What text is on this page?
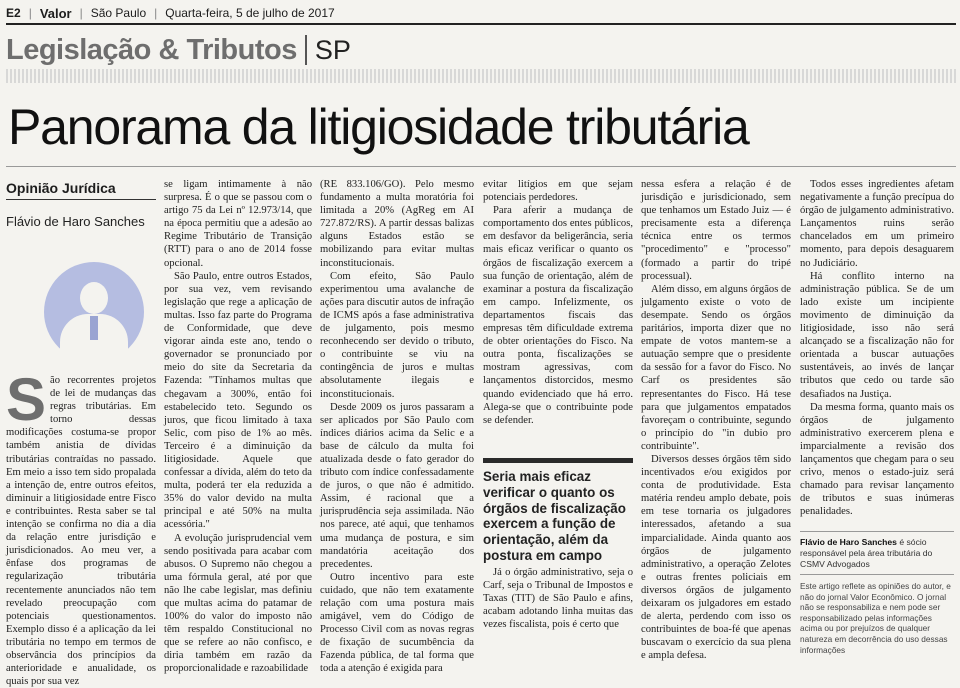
E2 | Valor | São Paulo | Quarta-feira, 5 de julho de 2017
Legislação & Tributos SP
Panorama da litigiosidade tributária
Opinião Jurídica
Flávio de Haro Sanches
S ão recorrentes projetos de lei de mudanças das regras tributárias. Em torno dessas modificações costuma-se propor também anistia de dívidas tributárias contraídas no passado. Em meio a isso tem sido propalada a intenção de, entre outros efeitos, diminuir a litigiosidade entre Fisco e contribuintes. Resta saber se tal intenção se confirma no dia a dia da relação entre jurisdição e jurisdicionados. Ao meu ver, a ênfase dos programas de regularização tributária recentemente anunciados não tem revelado preocupação com potenciais questionamentos. Exemplo disso é a aplicação da lei tributária no tempo em termos de observância dos princípios da anterioridade e anualidade, os quais por sua vez

se ligam intimamente à não surpresa. É o que se passou com o artigo 75 da Lei nº 12.973/14, que na época permitiu que a adesão ao Regime Tributário de Transição (RTT) para o ano de 2014 fosse opcional.

São Paulo, entre outros Estados, por sua vez, vem revisando legislação que rege a aplicação de multas. Isso faz parte do Programa de Conformidade, que deve vigorar ainda este ano, tendo o governador se pronunciado por meio do site da Secretaria da Fazenda: "Tínhamos multas que chegavam a 300%, então foi estabelecido teto. Segundo os juros, que ficou limitado à taxa Selic, com piso de 1% ao mês. Terceiro é a diminuição da litigiosidade. Aquele que confessar a dívida, além do teto da multa, poderá ter ela reduzida a 35% do valor devido na multa principal e até 50% na multa acessória."

A evolução jurisprudencial vem sendo positivada para acabar com abusos. O Supremo não chegou a uma fórmula geral, até por que não lhe cabe legislar, mas definiu que multas acima do patamar de 100% do valor do imposto não têm respaldo Constitucional no que se refere ao não confisco, e diria também em razão da proporcionalidade e razoabilidade

(RE 833.106/GO). Pelo mesmo fundamento a multa moratória foi limitada a 20% (AgReg em AI 727.872/RS). A partir dessas balizas alguns Estados estão se mobilizando para evitar multas inconstitucionais.

Com efeito, São Paulo experimentou uma avalanche de ações para discutir autos de infração de ICMS após a fase administrativa de julgamento, pois mesmo reconhecendo ser devido o tributo, o contribuinte se viu na contingência de juros e multas absolutamente ilegais e inconstitucionais.

Desde 2009 os juros passaram a ser aplicados por São Paulo com índices diários acima da Selic e a base de cálculo da multa foi atualizada desde o fato gerador do tributo com índice confessadamente de juros, o que não é admitido. Assim, é racional que a jurisprudência seja assimilada. Não nos parece, até aqui, que tenhamos uma mudança de postura, e sim mandatória aceitação dos precedentes.

Outro incentivo para este cuidado, que não tem exatamente relação com uma postura mais amigável, vem do Código de Processo Civil com as novas regras de fixação de sucumbência da Fazenda pública, de tal forma que toda a atenção é exigida para

evitar litígios em que sejam potenciais perdedores.

Para aferir a mudança de comportamento dos entes públicos, em desfavor da beligerância, seria mais eficaz verificar o quanto os órgãos de fiscalização exercem a sua função de orientação, além de examinar a postura da fiscalização em campo. Infelizmente, os departamentos fiscais das empresas têm dificuldade extrema de obter orientações do Fisco. Na outra ponta, fiscalizações se mostram agressivas, com lançamentos distorcidos, mesmo quando evidenciado que há erro. Alega-se que o contribuinte pode se defender.

Seria mais eficaz verificar o quanto os órgãos de fiscalização exercem a função de orientação, além da postura em campo

Já o órgão administrativo, seja o Carf, seja o Tribunal de Impostos e Taxas (TIT) de São Paulo e afins, acabam adotando linha muitas das vezes fiscalista, pois é certo que

nessa esfera a relação é de jurisdição e jurisdicionado, sem que tenhamos um Estado Juiz — é precisamente esta a diferença técnica entre os termos "procedimento" e "processo" (formado a partir do tripé processual).

Além disso, em alguns órgãos de julgamento existe o voto de desempate. Sendo os órgãos paritários, importa dizer que no empate de votos mantem-se a autuação sempre que o presidente da sessão for a favor do Fisco. No Carf os presidentes são representantes do Fisco. Há tese para que julgamentos empatados favoreçam o contribuinte, segundo o princípio do "in dubio pro contribuinte".

Diversos desses órgãos têm sido incentivados e/ou exigidos por conta de produtividade. Esta matéria rendeu amplo debate, pois em tese tornaria os julgadores interessados, afetando a sua imparcialidade. Ainda quanto aos órgãos de julgamento administrativo, a operação Zelotes e outras frentes policiais em diversos órgãos de julgamento deixaram os julgadores em estado de alerta, perdendo com isso os contribuintes de boa-fé que apenas buscavam o exercício da sua plena e ampla defesa.

Todos esses ingredientes afetam negativamente a função precípua do órgão de julgamento administrativo. Lançamentos ruins serão chancelados em um primeiro momento, para depois desaguarem no Judiciário.

Há conflito interno na administração pública. Se de um lado existe um incipiente movimento de diminuição da litigiosidade, isso não será alcançado se a fiscalização não for orientada a buscar autuações sustentáveis, ao invés de lançar tributos que cedo ou tarde são desafiados na Justiça.

Da mesma forma, quanto mais os órgãos de julgamento administrativo exercerem plena e imparcialmente a revisão dos lançamentos que chegam para o seu crivo, menos o estado-juiz será chamado para revisar lançamento de tributos e suas inúmeras penalidades.

Flávio de Haro Sanches é sócio responsável pela área tributária do CSMV Advogados
Este artigo reflete as opiniões do autor, e não do jornal Valor Econômico. O jornal não se responsabiliza e nem pode ser responsabilizado pelas informações acima ou por prejuízos de qualquer natureza em decorrência do uso dessas informações
